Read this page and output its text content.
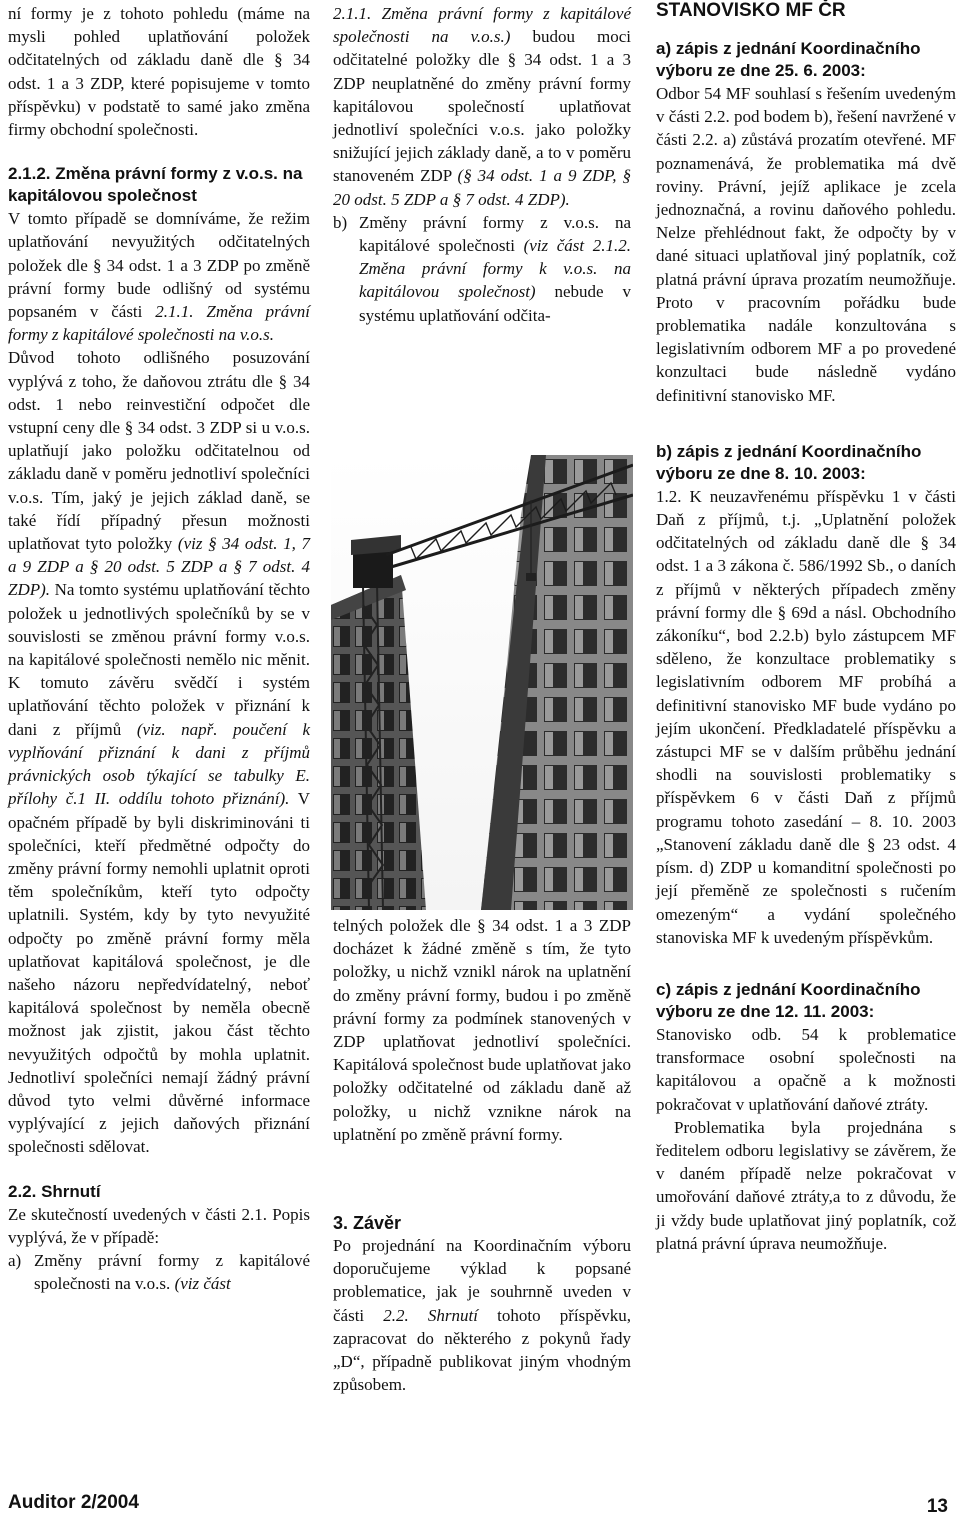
ní formy je z tohoto pohledu (máme na mysli pohled uplatňování položek odčitatelných od základu daně dle § 34 odst. 1 a 3 ZDP, které popisujeme v tomto příspěvku) v podstatě to samé jako změna firmy obchodní společnosti.

2.1.2. Změna právní formy z v.o.s. na kapitálovou společnost

V tomto případě se domníváme, že režim uplatňování nevyužitých odčitatelných položek dle § 34 odst. 1 a 3 ZDP po změně právní formy bude odlišný od systému popsaném v části 2.1.1. Změna právní formy z kapitálové společnosti na v.o.s.

Důvod tohoto odlišného posuzování vyplývá z toho, že daňovou ztrátu dle § 34 odst. 1 nebo reinvestiční odpočet dle vstupní ceny dle § 34 odst. 3 ZDP si u v.o.s. uplatňují jako položku odčitatelnou od základu daně v poměru jednotliví společníci v.o.s. Tím, jaký je jejich základ daně, se také řídí případný přesun možnosti uplatňovat tyto položky (viz § 34 odst. 1, 7 a 9 ZDP a § 20 odst. 5 ZDP a § 7 odst. 4 ZDP). Na tomto systému uplatňování těchto položek u jednotlivých společníků by se v souvislosti se změnou právní formy v.o.s. na kapitálové společnosti nemělo nic měnit. K tomuto závěru svědčí i systém uplatňování těchto položek v přiznání k dani z příjmů (viz. např. poučení k vyplňování přiznání k dani z příjmů právnických osob týkající se tabulky E. přílohy č.1 II. oddílu tohoto přiznání). V opačném případě by byli diskriminováni ti společníci, kteří předmětné odpočty do změny právní formy nemohli uplatnit oproti těm společníkům, kteří tyto odpočty uplatnili. Systém, kdy by tyto nevyužité odpočty po změně právní formy měla uplatňovat kapitálová společnost, je dle našeho názoru nepředvídatelný, neboť kapitálová společnost by neměla obecně možnost jak zjistit, jakou část těchto nevyužitých odpočtů by mohla uplatnit. Jednotliví společníci nemají žádný právní důvod tyto velmi důvěrné informace vyplývající z jejich daňových přiznání společnosti sdělovat.

2.2. Shrnutí

Ze skutečností uvedených v části 2.1. Popis vyplývá, že v případě:

a) Změny právní formy z kapitálové společnosti na v.o.s. (viz část

2.1.1. Změna právní formy z kapitálové společnosti na v.o.s.) budou moci odčitatelné položky dle § 34 odst. 1 a 3 ZDP neuplatněné do změny právní formy kapitálovou společností uplatňovat jednotliví společníci v.o.s. jako položky snižující jejich základy daně, a to v poměru stanoveném ZDP (§ 34 odst. 1 a 9 ZDP, § 20 odst. 5 ZDP a § 7 odst. 4 ZDP).

b) Změny právní formy z v.o.s. na kapitálové společnosti (viz část 2.1.2. Změna právní formy k v.o.s. na kapitálovou společnost) nebude v systému uplatňování odčita-

telných položek dle § 34 odst. 1 a 3 ZDP docházet k žádné změně s tím, že tyto položky, u nichž vznikl nárok na uplatnění do změny právní formy, budou i po změně právní formy za podmínek stanovených v ZDP uplatňovat jednotliví společníci. Kapitálová společnost bude uplatňovat jako položky odčitatelné od základu daně až položky, u nichž vznikne nárok na uplatnění po změně právní formy.

3. Závěr

Po projednání na Koordinačním výboru doporučujeme výklad k popsané problematice, jak je souhrnně uveden v části 2.2. Shrnutí tohoto příspěvku, zapracovat do některého z pokynů řady „D“, případně publikovat jiným vhodným způsobem.

STANOVISKO MF ČR
a) zápis z jednání Koordinačního výboru ze dne 25. 6. 2003:

Odbor 54 MF souhlasí s řešením uvedeným v části 2.2. pod bodem b), řešení navržené v části 2.2. a) zůstává prozatím otevřené. MF poznamenává, že problematika má dvě roviny. Právní, jejíž aplikace je zcela jednoznačná, a rovinu daňového pohledu. Nelze přehlédnout fakt, že odpočty by v dané situaci uplatňoval jiný poplatník, což platná právní úprava prozatím neumožňuje. Proto v pracovním pořádku bude problematika nadále konzultována s legislativním odborem MF a po provedené konzultaci bude následně vydáno definitivní stanovisko MF.

b) zápis z jednání Koordinačního výboru ze dne 8. 10. 2003:

1.2. K neuzavřenému příspěvku 1 v části Daň z příjmů, t.j. „Uplatnění položek odčitatelných od základu daně dle § 34 odst. 1 a 3 zákona č. 586/1992 Sb., o daních z příjmů v některých případech změny právní formy dle § 69d a násl. Obchodního zákoníku“, bod 2.2.b) bylo zástupcem MF sděleno, že konzultace problematiky s legislativním odborem MF probíhá a definitivní stanovisko MF bude vydáno po jejím ukončení. Předkladatelé příspěvku a zástupci MF se v dalším průběhu jednání shodli na souvislosti problematiky s příspěvkem 6 v části Daň z příjmů programu tohoto zasedání – 8. 10. 2003 „Stanovení základu daně dle § 23 odst. 4 písm. d) ZDP u komanditní společnosti po její přeměně ze společnosti s ručením omezeným“ a vydání společného stanoviska MF k uvedeným příspěvkům.

c) zápis z jednání Koordinačního výboru ze dne 12. 11. 2003:

Stanovisko odb. 54 k problematice transformace osobní společnosti na kapitálovou a opačně a k možnosti pokračovat v uplatňování daňové ztráty.

Problematika byla projednána s ředitelem odboru legislativy se závěrem, že v daném případě nelze pokračovat v umořování daňové ztráty,a to z důvodu, že ji vždy bude uplatňovat jiný poplatník, což platná právní úprava neumožňuje.

Auditor 2/2004	13
